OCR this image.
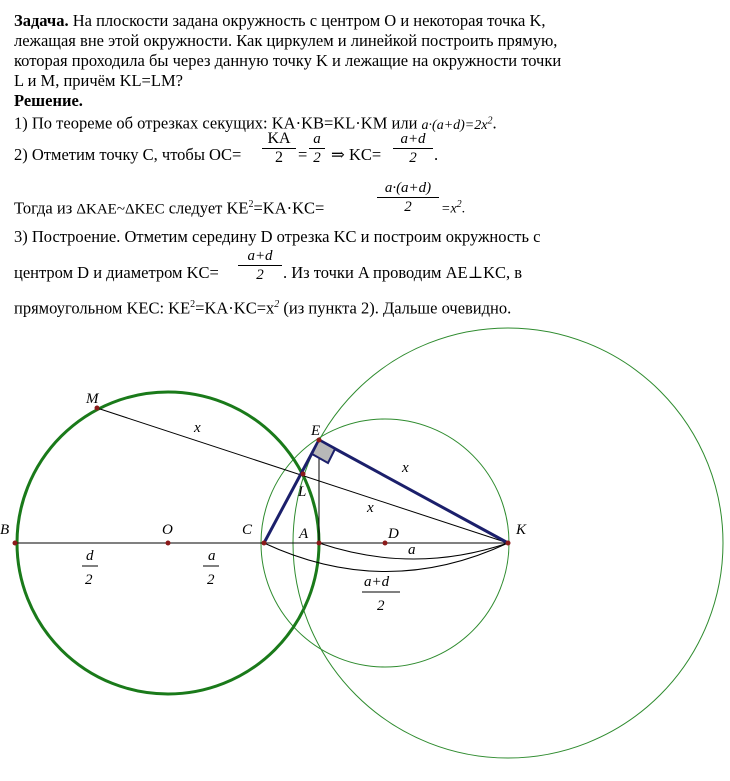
Задача. На плоскости задана окружность с центром O и некоторая точка K,
лежащая вне этой окружности. Как циркулем и линейкой построить прямую,
которая проходила бы через данную точку K и лежащие на окружности точки
L и M, причём KL=LM?
Решение.
1) По теореме об отрезках секущих: KA·KB=KL·KM или $a\cdot(a+d)=2x^2$.
2) Отметим точку C, чтобы OC=
KA
2 =
a
2 ⇒ KC=
a+d
2	.
Тогда из ΔKAE~ΔKEC следует $KE^2=KA\cdot KC=$
a·(a+d)
2	$=x^2$.
3) Построение. Отметим середину D отрезка KC и построим окружность с
центром D и диаметром KC=
a+d
2	. Из точки A проводим AE⊥KC, в
прямоугольном KEC: $KE^2=KA\cdot KC=x^2$ (из пункта 2). Дальше очевидно.
M
E
L
B	O	C	A	D	K
x
x
x
a
d
2
a
2	a+d
2
